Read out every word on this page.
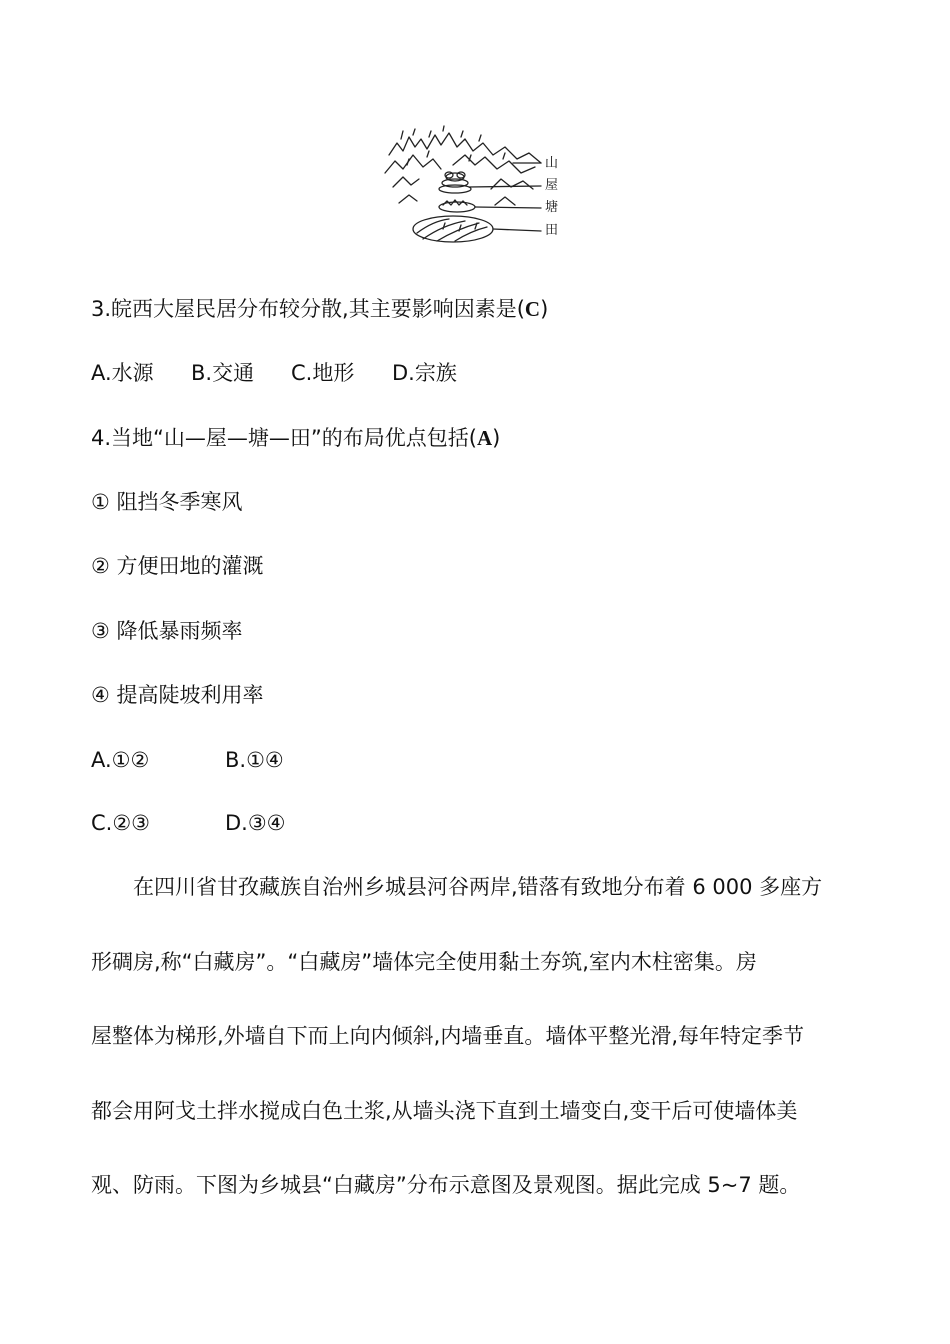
山
屋
塘
田
3.皖西大屋民居分布较分散,其主要影响因素是(C)
A.水源 B.交通 C.地形 D.宗族
4.当地“山—屋—塘—田”的布局优点包括(A)
① 阻挡冬季寒风
② 方便田地的灌溉
③ 降低暴雨频率
④ 提高陡坡利用率
A.①②	B.①④
C.②③	D.③④
在四川省甘孜藏族自治州乡城县河谷两岸,错落有致地分布着 6 000 多座方
形碉房,称“白藏房”。“白藏房”墙体完全使用黏土夯筑,室内木柱密集。房
屋整体为梯形,外墙自下而上向内倾斜,内墙垂直。墙体平整光滑,每年特定季节
都会用阿戈土拌水搅成白色土浆,从墙头浇下直到土墙变白,变干后可使墙体美
观、防雨。下图为乡城县“白藏房”分布示意图及景观图。据此完成 5~7 题。
